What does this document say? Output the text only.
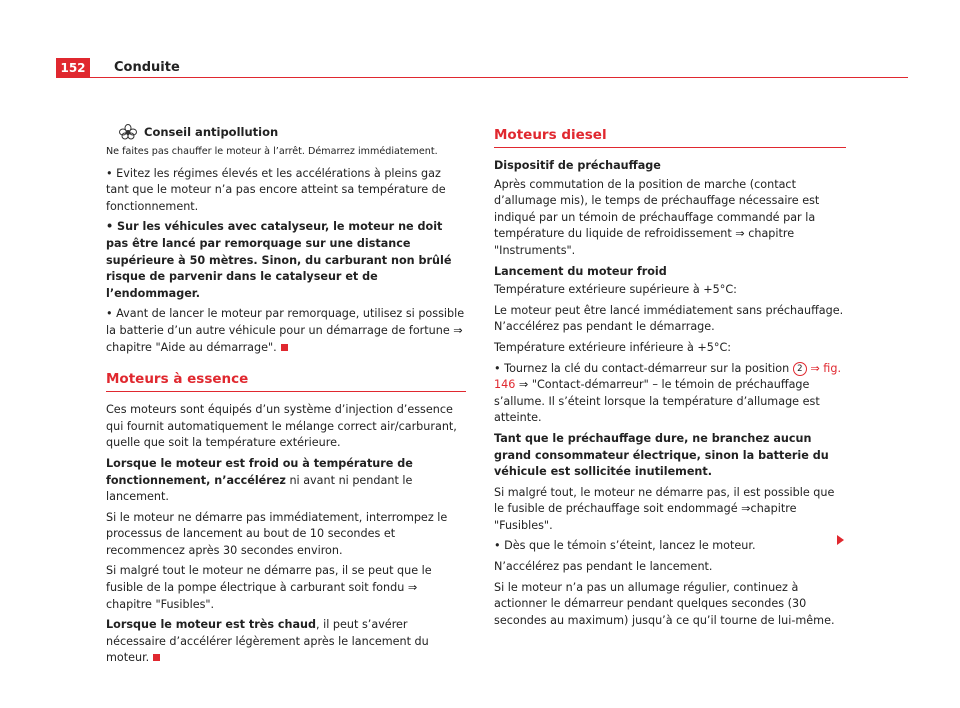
152	Conduite
Conseil antipollution

Ne faites pas chauffer le moteur à l’arrêt. Démarrez immédiatement.

• Evitez les régimes élevés et les accélérations à pleins gaz tant que le moteur n’a pas encore atteint sa température de fonctionnement.

• Sur les véhicules avec catalyseur, le moteur ne doit pas être lancé par remorquage sur une distance supérieure à 50 mètres. Sinon, du carburant non brûlé risque de parvenir dans le catalyseur et de l’endommager.

• Avant de lancer le moteur par remorquage, utilisez si possible la batterie d’un autre véhicule pour un démarrage de fortune ⇒ chapitre "Aide au démarrage".

Moteurs à essence

Ces moteurs sont équipés d’un système d’injection d’essence qui fournit automatiquement le mélange correct air/carburant, quelle que soit la température extérieure.

Lorsque le moteur est froid ou à température de fonctionnement, n’accélérez ni avant ni pendant le lancement.

Si le moteur ne démarre pas immédiatement, interrompez le processus de lancement au bout de 10 secondes et recommencez après 30 secondes environ.

Si malgré tout le moteur ne démarre pas, il se peut que le fusible de la pompe électrique à carburant soit fondu ⇒ chapitre "Fusibles".

Lorsque le moteur est très chaud, il peut s’avérer nécessaire d’accélérer légèrement après le lancement du moteur.

Moteurs diesel

Dispositif de préchauffage

Après commutation de la position de marche (contact d’allumage mis), le temps de préchauffage nécessaire est indiqué par un témoin de préchauffage commandé par la température du liquide de refroidissement ⇒ chapitre "Instruments".

Lancement du moteur froid

Température extérieure supérieure à +5°C:

Le moteur peut être lancé immédiatement sans préchauffage. N’accélérez pas pendant le démarrage.

Température extérieure inférieure à +5°C:

• Tournez la clé du contact-démarreur sur la position 2 ⇒ fig. 146 ⇒ "Contact-démarreur" – le témoin de préchauffage s’allume. Il s’éteint lorsque la température d’allumage est atteinte.

Tant que le préchauffage dure, ne branchez aucun grand consommateur électrique, sinon la batterie du véhicule est sollicitée inutilement.

Si malgré tout, le moteur ne démarre pas, il est possible que le fusible de préchauffage soit endommagé ⇒chapitre "Fusibles".

• Dès que le témoin s’éteint, lancez le moteur.

N’accélérez pas pendant le lancement.

Si le moteur n’a pas un allumage régulier, continuez à actionner le démarreur pendant quelques secondes (30 secondes au maximum) jusqu’à ce qu’il tourne de lui-même.
